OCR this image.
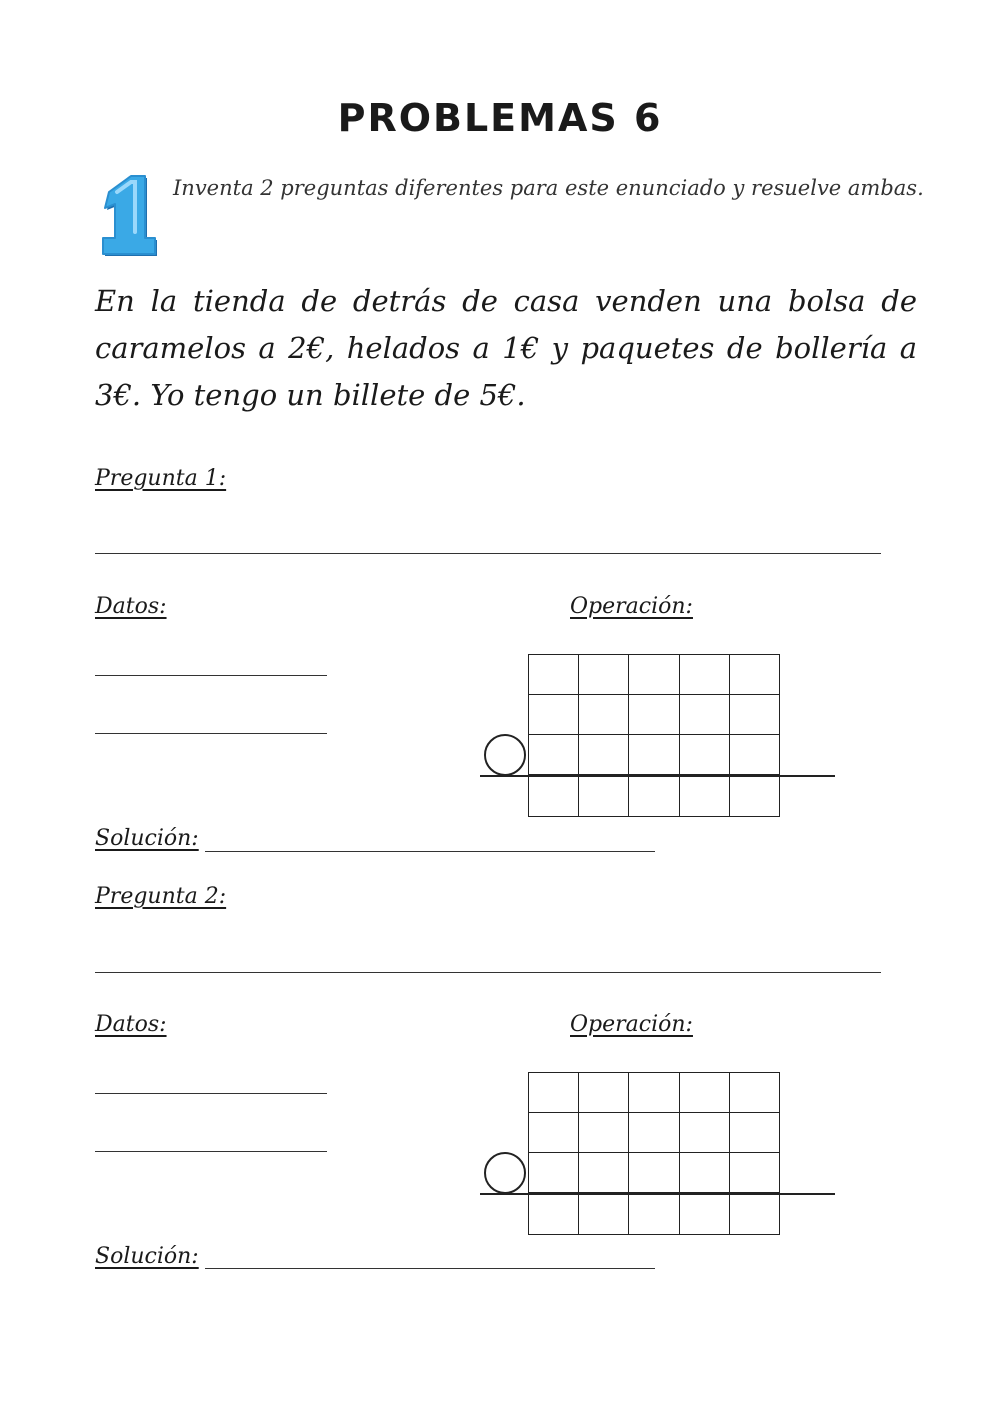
PROBLEMAS 6
Inventa 2 preguntas diferentes para este enunciado y resuelve ambas.
En la tienda de detrás de casa venden una bolsa de caramelos a 2€, helados a 1€ y paquetes de bollería a 3€. Yo tengo un billete de 5€.
Pregunta 1:
Datos:	Operación:

Solución:
Pregunta 2:
Datos:	Operación:

Solución:
